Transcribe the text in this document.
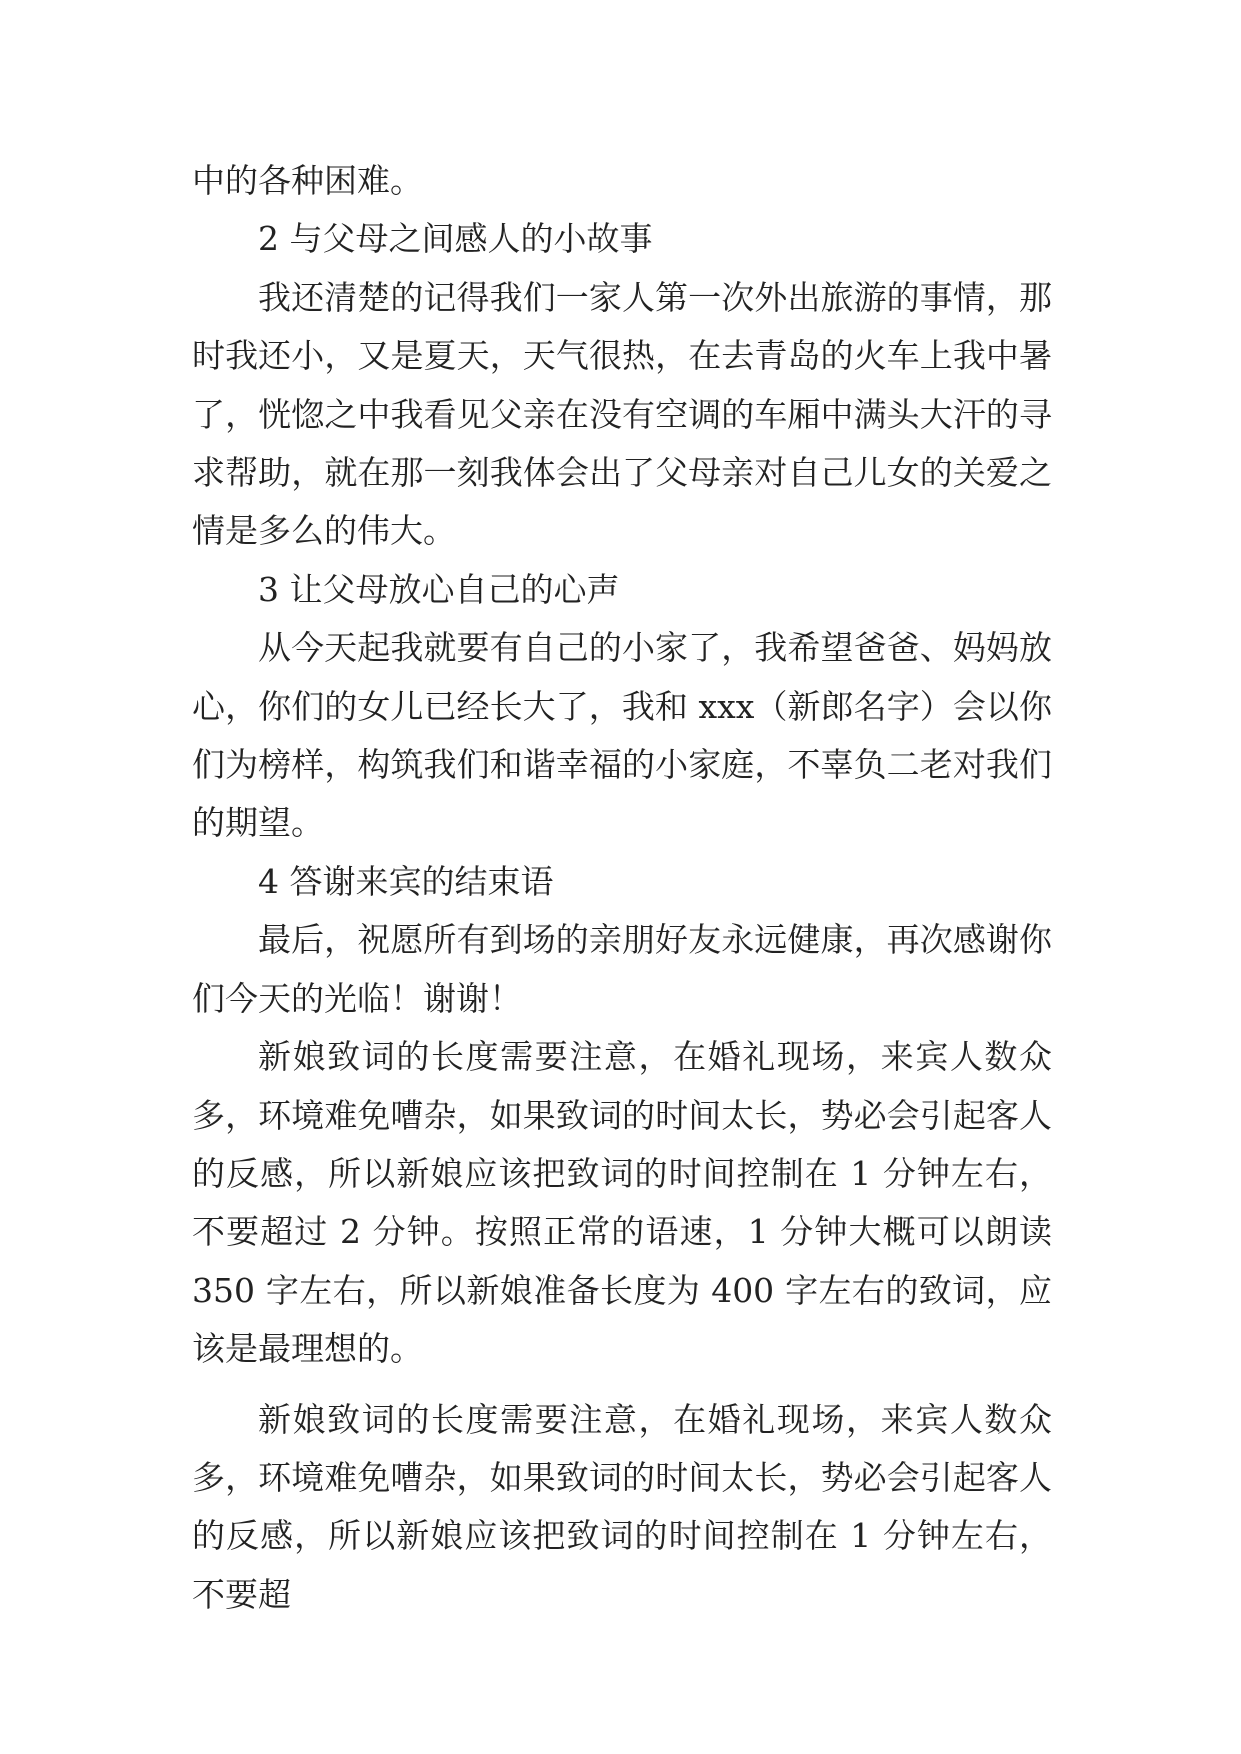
中的各种困难。

2 与父母之间感人的小故事

我还清楚的记得我们一家人第一次外出旅游的事情，那时我还小，又是夏天，天气很热，在去青岛的火车上我中暑了，恍惚之中我看见父亲在没有空调的车厢中满头大汗的寻求帮助，就在那一刻我体会出了父母亲对自己儿女的关爱之情是多么的伟大。

3 让父母放心自己的心声

从今天起我就要有自己的小家了，我希望爸爸、妈妈放心，你们的女儿已经长大了，我和 xxx（新郎名字）会以你们为榜样，构筑我们和谐幸福的小家庭，不辜负二老对我们的期望。

4 答谢来宾的结束语

最后，祝愿所有到场的亲朋好友永远健康，再次感谢你们今天的光临！谢谢！

新娘致词的长度需要注意，在婚礼现场，来宾人数众多，环境难免嘈杂，如果致词的时间太长，势必会引起客人的反感，所以新娘应该把致词的时间控制在 1 分钟左右，不要超过 2 分钟。按照正常的语速，1 分钟大概可以朗读 350 字左右，所以新娘准备长度为 400 字左右的致词，应该是最理想的。

新娘致词的长度需要注意，在婚礼现场，来宾人数众多，环境难免嘈杂，如果致词的时间太长，势必会引起客人的反感，所以新娘应该把致词的时间控制在 1 分钟左右，不要超
